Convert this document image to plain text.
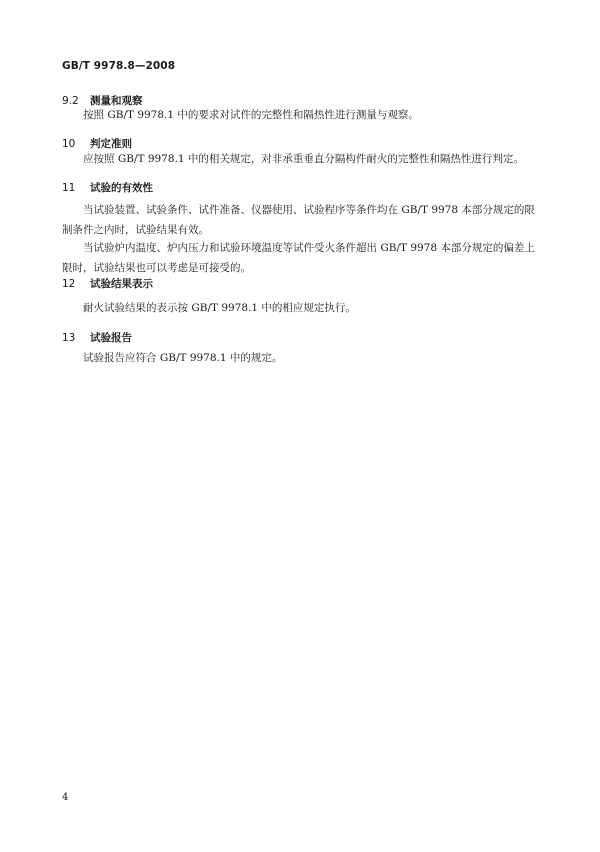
GB/T 9978.8—2008
9.2 测量和观察

按照 GB/T 9978.1 中的要求对试件的完整性和隔热性进行测量与观察。

10 判定准则

应按照 GB/T 9978.1 中的相关规定，对非承重垂直分隔构件耐火的完整性和隔热性进行判定。

11 试验的有效性

当试验装置、试验条件、试件准备、仪器使用、试验程序等条件均在 GB/T 9978 本部分规定的限制条件之内时，试验结果有效。

当试验炉内温度、炉内压力和试验环境温度等试件受火条件超出 GB/T 9978 本部分规定的偏差上限时，试验结果也可以考虑是可接受的。

12 试验结果表示

耐火试验结果的表示按 GB/T 9978.1 中的相应规定执行。

13 试验报告

试验报告应符合 GB/T 9978.1 中的规定。

4
